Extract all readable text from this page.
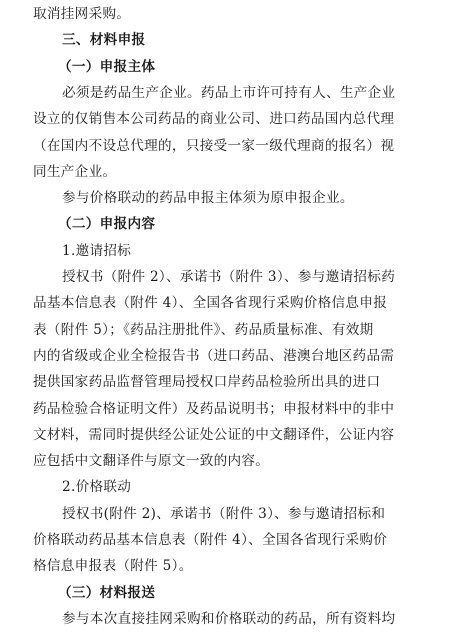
取消挂网采购。
三、材料申报
（一）申报主体
必须是药品生产企业。药品上市许可持有人、生产企业
设立的仅销售本公司药品的商业公司、进口药品国内总代理
（在国内不设总代理的，只接受一家一级代理商的报名）视
同生产企业。
参与价格联动的药品申报主体须为原申报企业。
（二）申报内容
1.邀请招标
授权书（附件 2）、承诺书（附件 3）、参与邀请招标药
品基本信息表（附件 4）、全国各省现行采购价格信息申报
表（附件 5）；《药品注册批件》、药品质量标准、有效期
内的省级或企业全检报告书（进口药品、港澳台地区药品需
提供国家药品监督管理局授权口岸药品检验所出具的进口
药品检验合格证明文件）及药品说明书；申报材料中的非中
文材料，需同时提供经公证处公证的中文翻译件，公证内容
应包括中文翻译件与原文一致的内容。
2.价格联动
授权书(附件 2)、承诺书（附件 3）、参与邀请招标和
价格联动药品基本信息表（附件 4）、全国各省现行采购价
格信息申报表（附件 5）。
（三）材料报送
参与本次直接挂网采购和价格联动的药品，所有资料均
